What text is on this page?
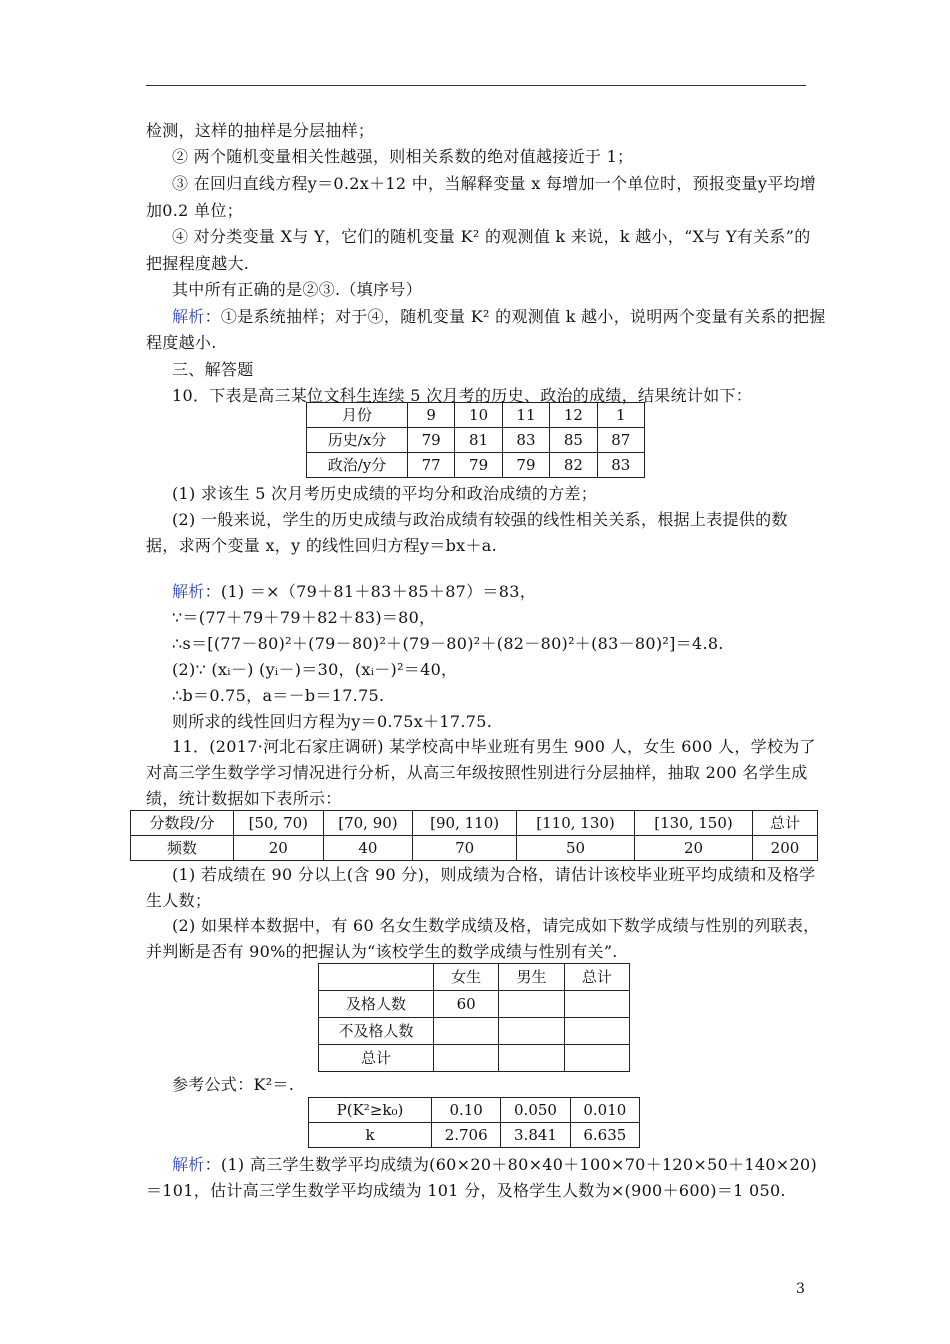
检测，这样的抽样是分层抽样；
② 两个随机变量相关性越强，则相关系数的绝对值越接近于 1；
③ 在回归直线方程y＝0.2x＋12 中，当解释变量 x 每增加一个单位时，预报变量y平均增
加0.2 单位；
④ 对分类变量 X与 Y，它们的随机变量 K² 的观测值 k 来说，k 越小，“X与 Y有关系”的
把握程度越大.
其中所有正确的是②③.（填序号）
解析：①是系统抽样；对于④，随机变量 K² 的观测值 k 越小，说明两个变量有关系的把握
程度越小.
三、解答题
10．下表是高三某位文科生连续 5 次月考的历史、政治的成绩，结果统计如下：
月份	9	10	11	12	1
历史/x分	79	81	83	85	87
政治/y分	77	79	79	82	83
(1) 求该生 5 次月考历史成绩的平均分和政治成绩的方差；
(2) 一般来说，学生的历史成绩与政治成绩有较强的线性相关关系，根据上表提供的数
据，求两个变量 x，y 的线性回归方程y＝bx＋a.
解析：(1) ＝×（79＋81＋83＋85＋87）＝83，
∵＝(77＋79＋79＋82＋83)＝80，
∴s＝[(77－80)²＋(79－80)²＋(79－80)²＋(82－80)²＋(83－80)²]＝4.8.
(2)∵ (xᵢ－) (yᵢ－)＝30，(xᵢ－)²＝40，
∴b＝0.75，a＝－b＝17.75.
则所求的线性回归方程为y＝0.75x＋17.75.
11．(2017·河北石家庄调研) 某学校高中毕业班有男生 900 人，女生 600 人，学校为了
对高三学生数学学习情况进行分析，从高三年级按照性别进行分层抽样，抽取 200 名学生成
绩，统计数据如下表所示：
分数段/分	[50, 70)	[70, 90)	[90, 110)	[110, 130)	[130, 150)	总计
频数	20	40	70	50	20	200
(1) 若成绩在 90 分以上(含 90 分)，则成绩为合格，请估计该校毕业班平均成绩和及格学
生人数；
(2) 如果样本数据中，有 60 名女生数学成绩及格，请完成如下数学成绩与性别的列联表，
并判断是否有 90%的把握认为“该校学生的数学成绩与性别有关”.
	女生	男生	总计
及格人数	60		
不及格人数			
总计			
参考公式：K²＝.
P(K²≥k₀)	0.10	0.050	0.010
k	2.706	3.841	6.635
解析：(1) 高三学生数学平均成绩为(60×20＋80×40＋100×70＋120×50＋140×20)
＝101，估计高三学生数学平均成绩为 101 分，及格学生人数为×(900＋600)＝1 050.
3
